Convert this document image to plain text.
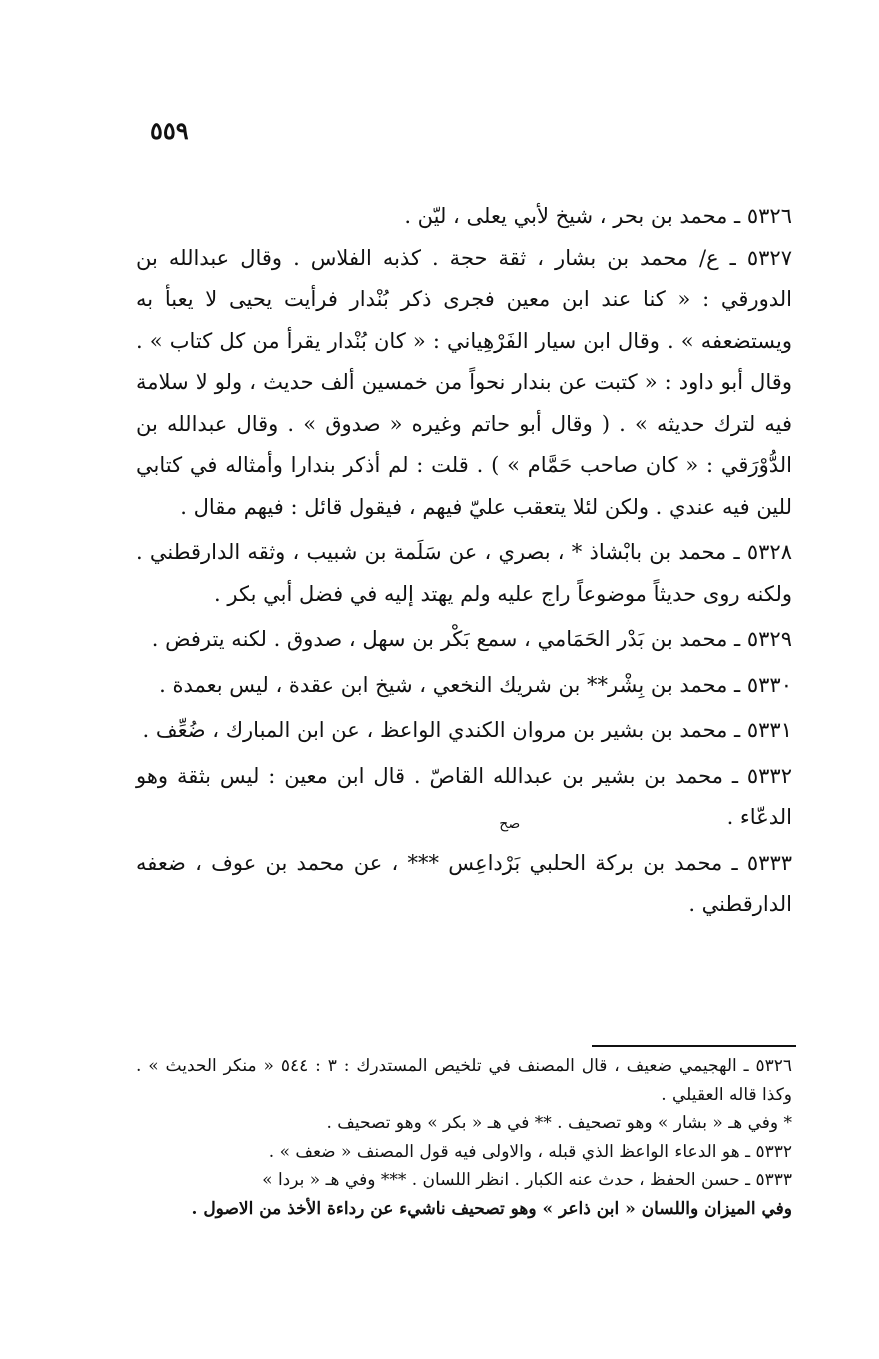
٥٥٩

٥٣٢٦ ـ محمد بن بحر ، شيخ لأبي يعلى ، ليّن .

٥٣٢٧ ـ ع/ محمد بن بشار ، ثقة حجة . كذبه الفلاس . وقال عبدالله بن الدورقي : « كنا عند ابن معين فجرى ذكر بُنْدار فرأيت يحيى لا يعبأ به ويستضعفه » . وقال ابن سيار الفَرْهِياني : « كان بُنْدار يقرأ من كل كتاب » . وقال أبو داود : « كتبت عن بندار نحواً من خمسين ألف حديث ، ولو لا سلامة فيه لترك حديثه » . ( وقال أبو حاتم وغيره « صدوق » . وقال عبدالله بن الدُّوْرَقي : « كان صاحب حَمَّام » ) . قلت : لم أذكر بندارا وأمثاله في كتابي للين فيه عندي . ولكن لئلا يتعقب عليّ فيهم ، فيقول قائل : فيهم مقال .

٥٣٢٨ ـ محمد بن بابْشاذ * ، بصري ، عن سَلَمة بن شبيب ، وثقه الدارقطني . ولكنه روى حديثاً موضوعاً راج عليه ولم يهتد إليه في فضل أبي بكر .

٥٣٢٩ ـ محمد بن بَدْر الحَمَامي ، سمع بَكْر بن سهل ، صدوق . لكنه يترفض .

٥٣٣٠ ـ محمد بن بِشْر** بن شريك النخعي ، شيخ ابن عقدة ، ليس بعمدة .

٥٣٣١ ـ محمد بن بشير بن مروان الكندي الواعظ ، عن ابن المبارك ، ضُعِّف .

٥٣٣٢ ـ محمد بن بشير بن عبدالله القاصّ . قال ابن معين : ليس بثقة وهو الدعّاء .

٥٣٣٣ ـ محمد بن بركة الحلبي
صح
بَرْداعِس *** ، عن محمد بن عوف ، ضعفه الدارقطني .

٥٣٢٦ ـ الهجيمي ضعيف ، قال المصنف في تلخيص المستدرك : ٣ : ٥٤٤ « منكر الحديث » . وكذا قاله العقيلي .

* وفي هـ « بشار » وهو تصحيف . ** في هـ « بكر » وهو تصحيف .

٥٣٣٢ ـ هو الدعاء الواعظ الذي قبله ، والاولى فيه قول المصنف « ضعف » .

٥٣٣٣ ـ حسن الحفظ ، حدث عنه الكبار . انظر اللسان . *** وفي هـ « بردا »

وفي الميزان واللسان « ابن ذاعر » وهو تصحيف ناشيء عن رداءة الأخذ من الاصول .
